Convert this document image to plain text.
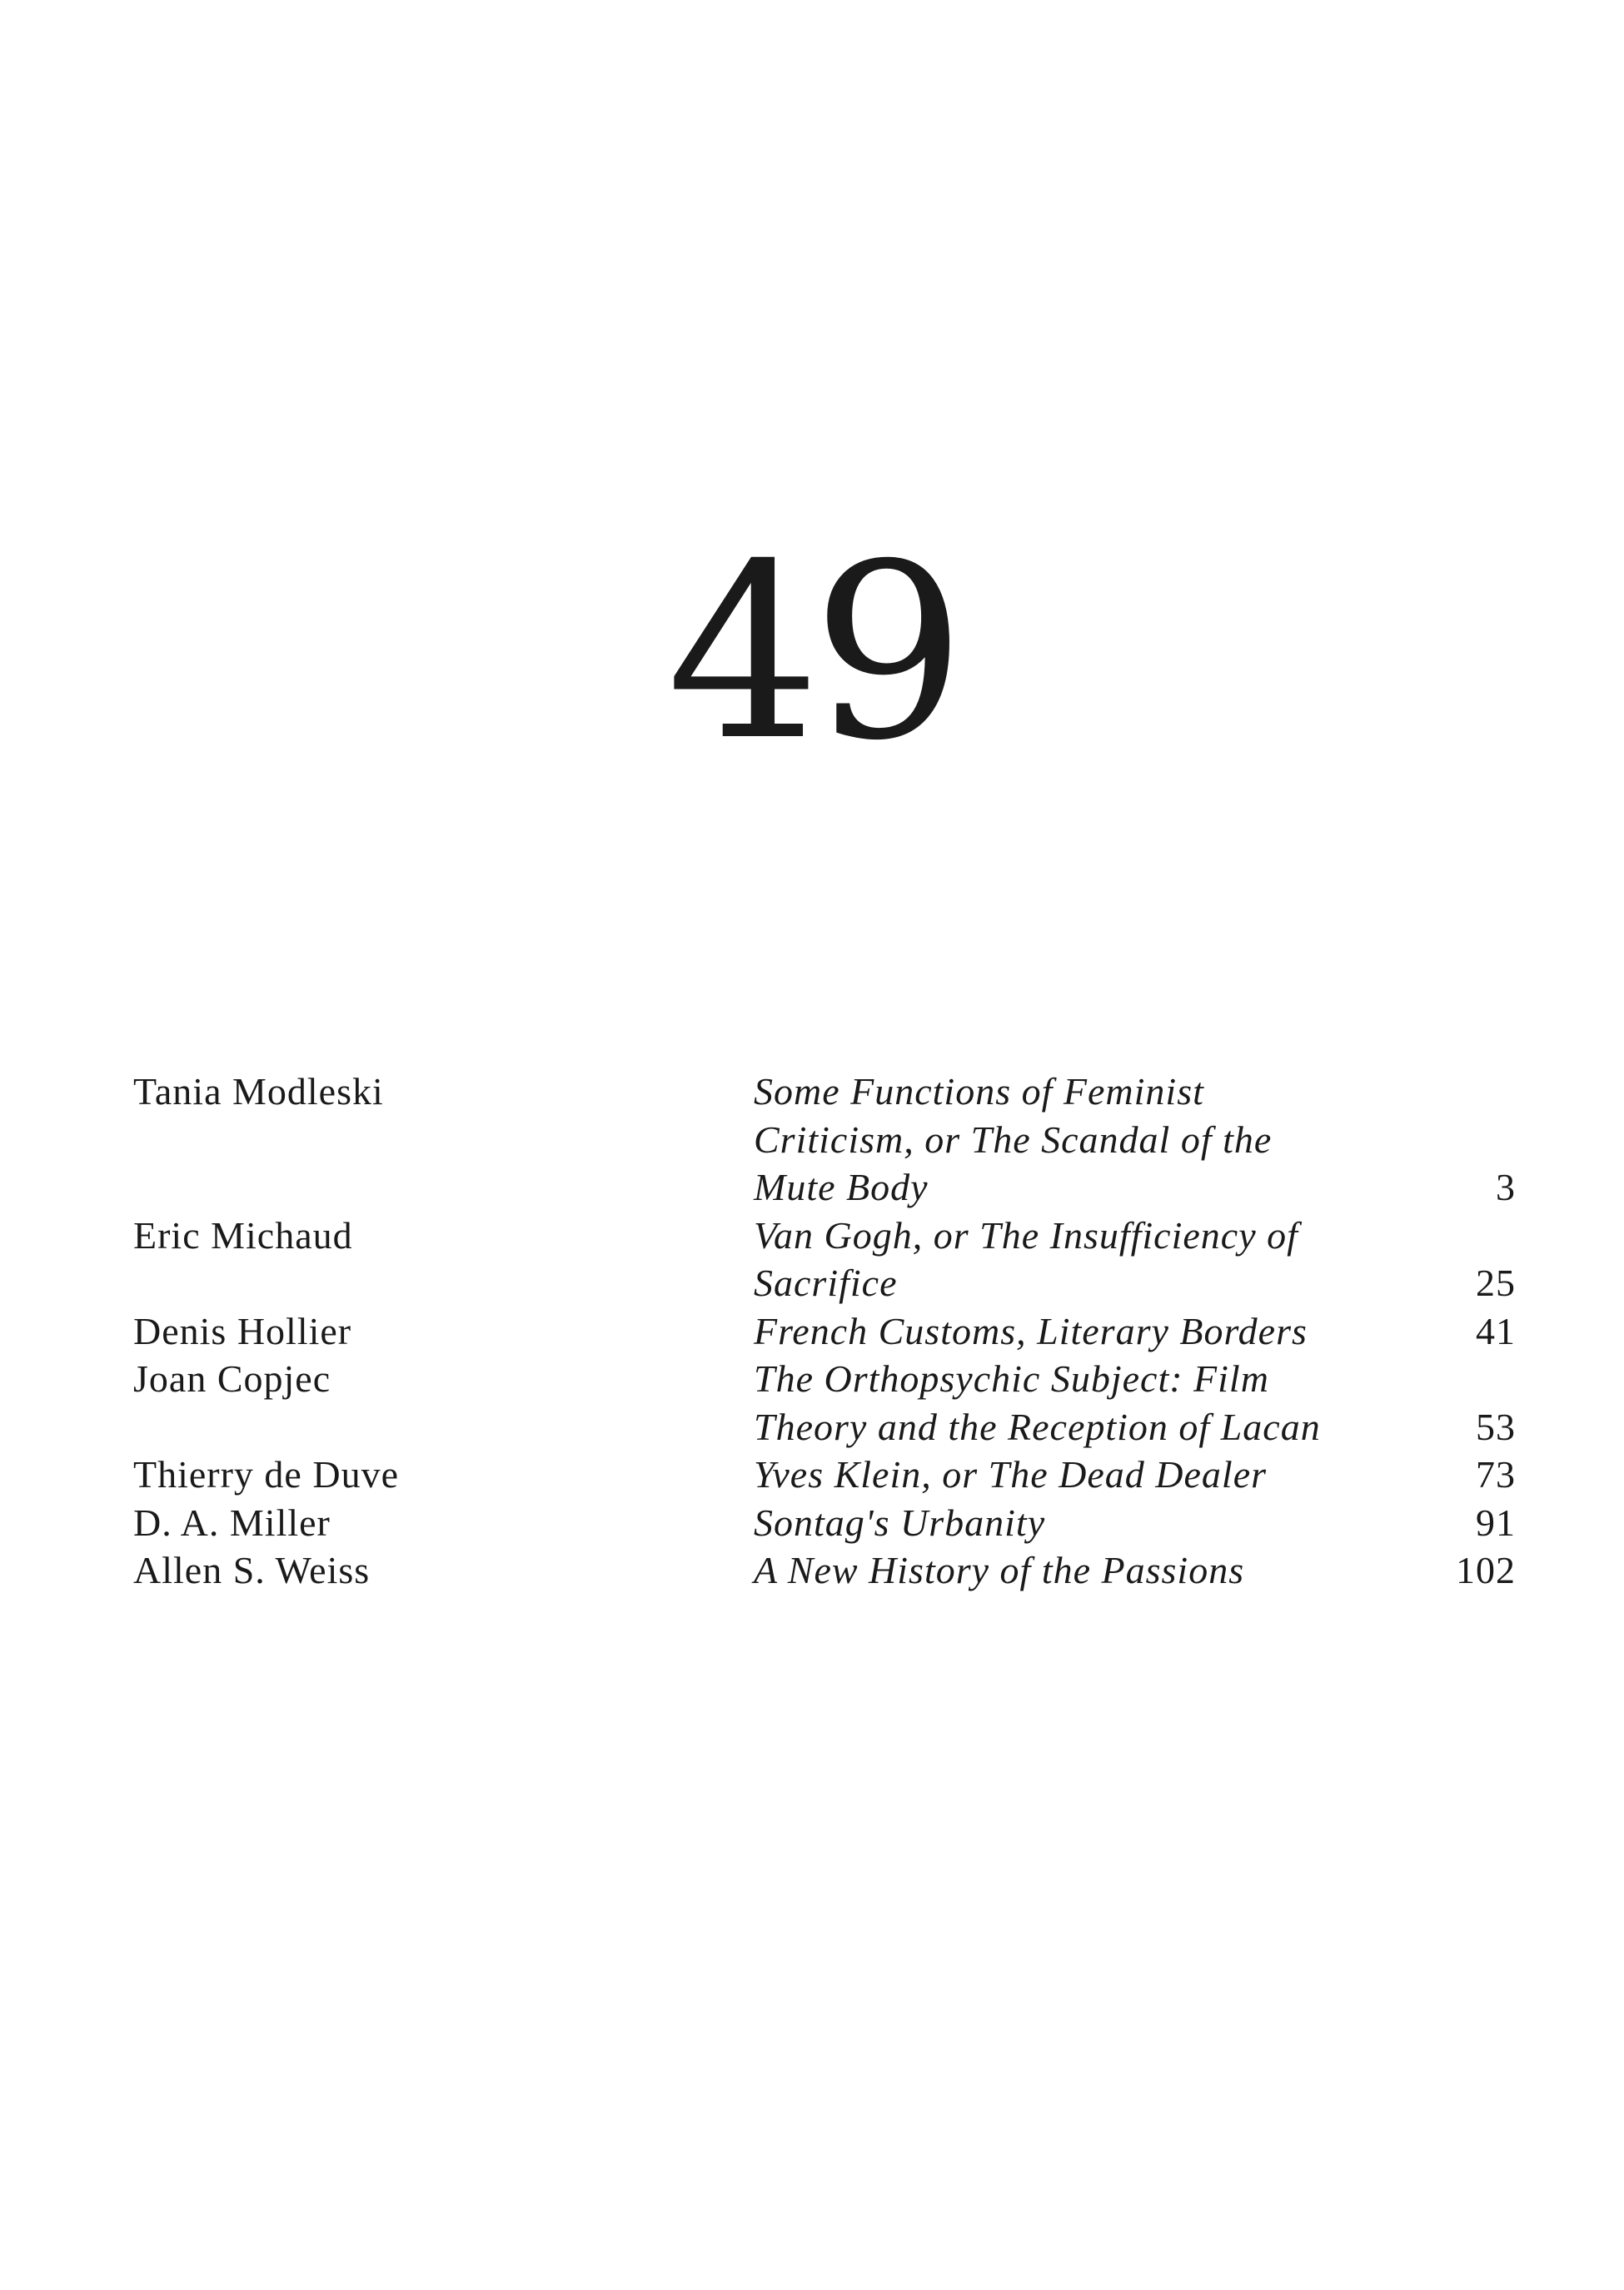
49
Tania Modleski	Some Functions of Feminist
Criticism, or The Scandal of the
Mute Body	3
Eric Michaud	Van Gogh, or The Insufficiency of
Sacrifice	25
Denis Hollier	French Customs, Literary Borders	41
Joan Copjec	The Orthopsychic Subject: Film
Theory and the Reception of Lacan	53
Thierry de Duve	Yves Klein, or The Dead Dealer	73
D. A. Miller	Sontag's Urbanity	91
Allen S. Weiss	A New History of the Passions	102
